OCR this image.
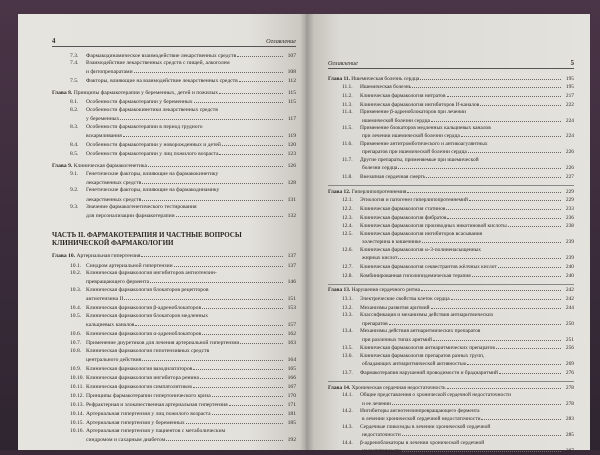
4	Оглавление
7.3. Фармакодинамическое взаимодействие лекарственных средств	107
7.4. Взаимодействие лекарственных средств с пищей, алкоголем
и фитопрепаратами	108
7.5. Факторы, влияющие на взаимодействие лекарственных средств	112
Глава 8. Принципы фармакотерапии у беременных, детей и пожилых	115
8.1. Особенности фармакотерапии у беременных	115
8.2. Особенности фармакокинетики лекарственных средств
у беременных	117
8.3. Особенности фармакотерапии в период грудного
вскармливания	119
8.4. Особенности фармакотерапии у новорожденных и детей	120
8.5. Особенности фармакотерапии у лиц пожилого возраста	123
Глава 9. Клиническая фармакогенетика	126
9.1. Генетические факторы, влияющие на фармакокинетику
лекарственных средств	128
9.2. Генетические факторы, влияющие на фармакодинамику
лекарственных средств	131
9.3. Значение фармакогенетического тестирования
для персонализации фармакотерапии	132
ЧАСТЬ II. ФАРМАКОТЕРАПИЯ И ЧАСТНЫЕ ВОПРОСЫ
КЛИНИЧЕСКОЙ ФАРМАКОЛОГИИ
Глава 10. Артериальная гипертензия	137
10.1. Синдром артериальной гипертензии	137
10.2. Клиническая фармакология ингибиторов ангиотензин-
превращающего фермента	146
10.3. Клиническая фармакология блокаторов рецепторов
ангиотензина II	151
10.4. Клиническая фармакология β-адреноблокаторов	153
10.5. Клиническая фармакология блокаторов медленных
кальциевых каналов	157
10.6. Клиническая фармакология α-адреноблокаторов	162
10.7. Применение диуретиков для лечения артериальной гипертензии	163
10.8. Клиническая фармакология гипотензивных средств
центрального действия	164
10.9. Клиническая фармакология вазодилататоров	165
10.10. Клиническая фармакология ингибитора ренина	166
10.11. Клиническая фармакология симпатолитиков	167
10.12. Принципы фармакотерапии гипертонического криза	170
10.13. Рефрактерная и злокачественная артериальная гипертензия	171
10.14. Артериальная гипертензия у лиц пожилого возраста	181
10.15. Артериальная гипертензия у беременных	185
10.16. Артериальная гипертензия у пациентов с метаболическим
синдромом и сахарным диабетом	192
Оглавление	5
Глава 11. Ишемическая болезнь сердца	195
11.1. Ишемическая болезнь	195
11.2. Клиническая фармакология нитратов	217
11.3. Клиническая фармакология ингибиторов If-каналов	222
11.4. Применение β-адреноблокаторов при лечении
ишемической болезни сердца	224
11.5. Применение блокаторов медленных кальциевых каналов
при лечении ишемической болезни сердца	224
11.6. Применение антитромботического и антикоагулянтных
препаратов при ишемической болезни сердца	226
11.7. Другие препараты, применяемые при ишемической
болезни сердца	226
11.8. Внезапная сердечная смерть	227
Глава 12. Гиперлипопротеинемия	229
12.1. Этиология и патогенез гиперлипопротеинемий	229
12.2. Клиническая фармакология статинов	233
12.3. Клиническая фармакология фибратов	236
12.4. Клиническая фармакология производных никотиновой кислоты	238
12.5. Клиническая фармакология ингибиторов всасывания
холестерина в кишечнике	239
12.6. Клиническая фармакология ω-3-полиненасыщенных
жирных кислот	239
12.7. Клиническая фармакология секвестрантов жёлчных кислот	240
12.8. Комбинированная гиполипидемическая терапия	240
Глава 13. Нарушения сердечного ритма	242
13.1. Электрические свойства клеток сердца	242
13.2. Механизмы развития аритмий	244
13.3. Классификация и механизмы действия антиаритмических
препаратов	250
13.4. Механизмы действия антиаритмических препаратов
при различных типах аритмий	251
13.5. Клиническая фармакология антиаритмических препаратов	256
13.6. Клиническая фармакология препаратов разных групп,
обладающих антиаритмической активностью	269
13.7. Фармакотерапия нарушений проводимости и брадиаритмий	276
Глава 14. Хроническая сердечная недостаточность	278
14.1. Общие представления о хронической сердечной недостаточности
и ее лечении	278
14.2. Ингибиторы ангиотензинпревращающего фермента
в лечении хронической сердечной недостаточности	283
14.3. Сердечные гликозиды в лечении хронической сердечной
недостаточности	285
14.4. β-адреноблокаторы в лечении хронической сердечной
недостаточности	287
